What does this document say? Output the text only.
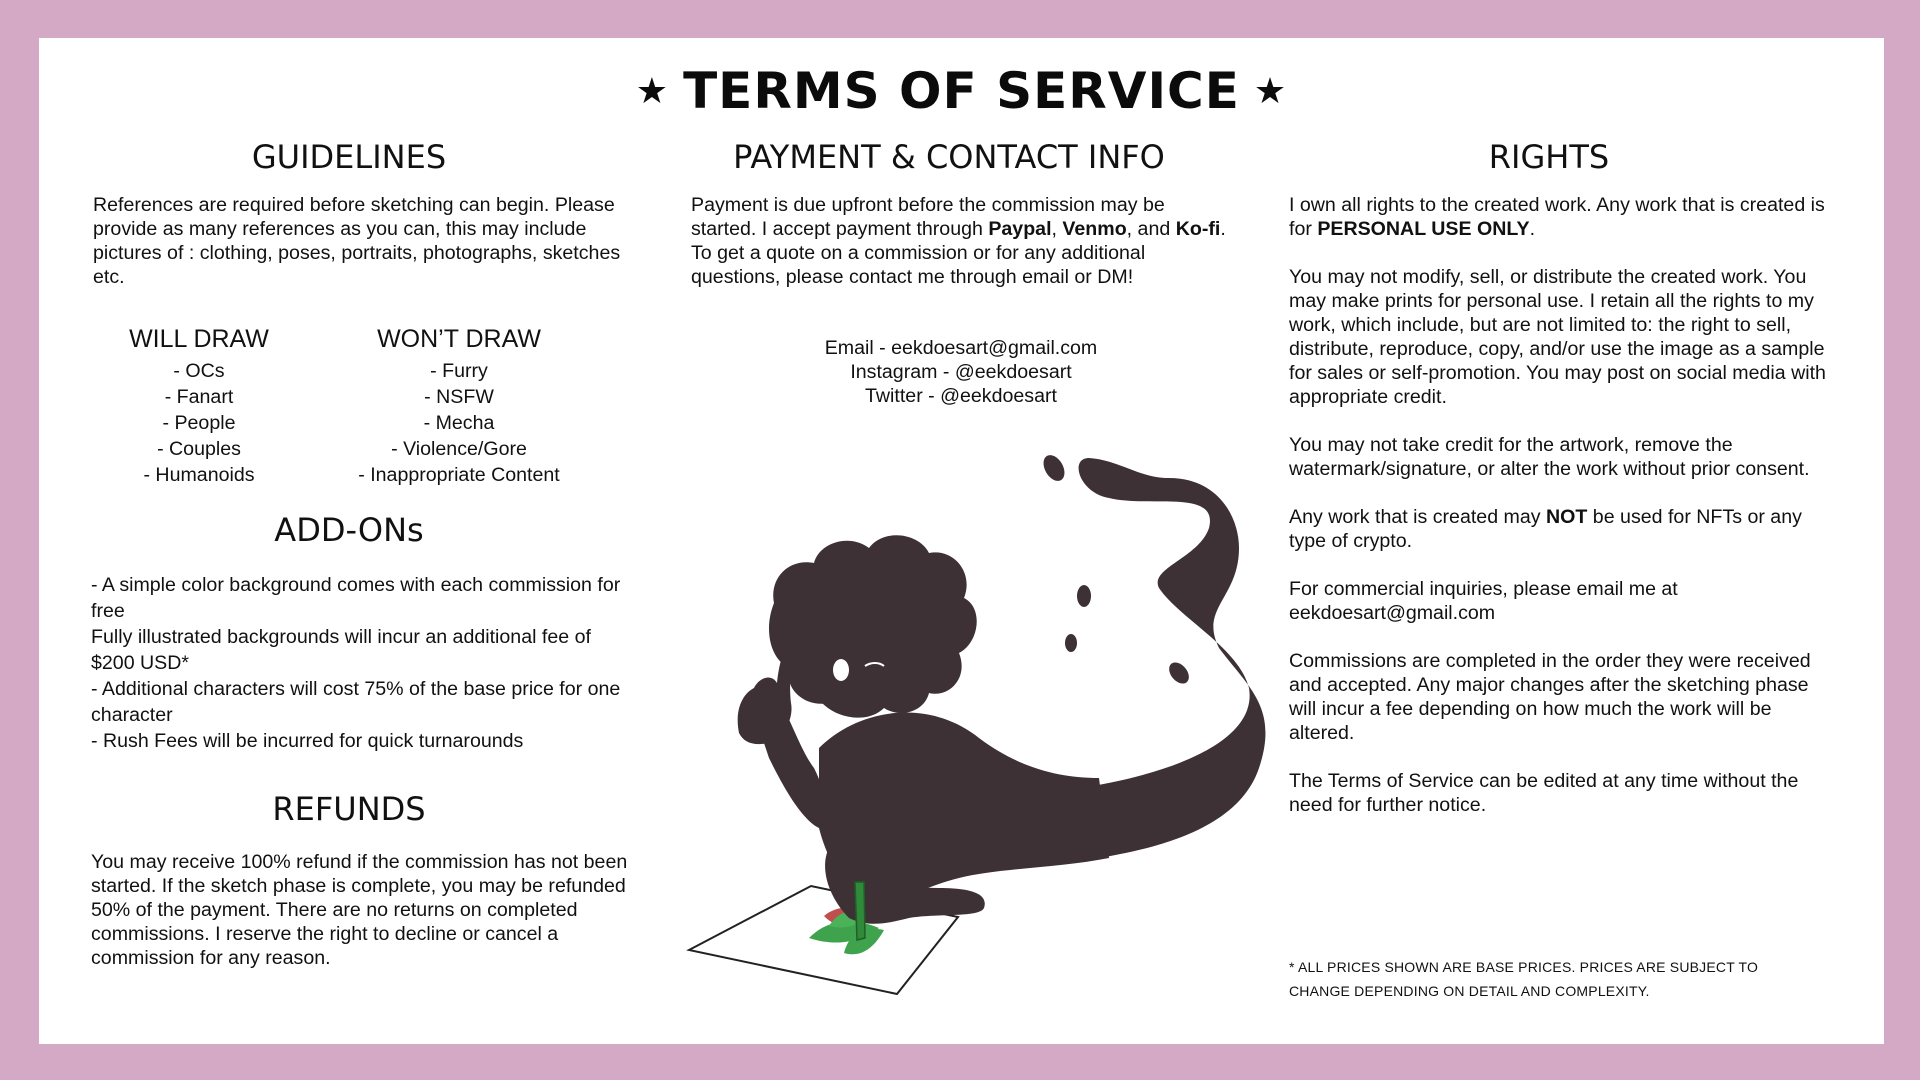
★ TERMS OF SERVICE ★
GUIDELINES
References are required before sketching can begin. Please provide as many references as you can, this may include pictures of : clothing, poses, portraits, photographs, sketches etc.
WILL DRAW
- OCs
- Fanart
- People
- Couples
- Humanoids
WON’T DRAW
- Furry
- NSFW
- Mecha
- Violence/Gore
- Inappropriate Content
ADD-ONs
- A simple color background comes with each commission for free
Fully illustrated backgrounds will incur an additional fee of $200 USD*
- Additional characters will cost 75% of the base price for one character
- Rush Fees will be incurred for quick turnarounds
REFUNDS
You may receive 100% refund if the commission has not been started. If the sketch phase is complete, you may be refunded 50% of the payment. There are no returns on completed commissions. I reserve the right to decline or cancel a commission for any reason.
PAYMENT & CONTACT INFO
Payment is due upfront before the commission may be started. I accept payment through Paypal, Venmo, and Ko-fi. To get a quote on a commission or for any additional questions, please contact me through email or DM!
Email - eekdoesart@gmail.com
Instagram - @eekdoesart
Twitter - @eekdoesart
RIGHTS
I own all rights to the created work. Any work that is created is for PERSONAL USE ONLY.
You may not modify, sell, or distribute the created work. You may make prints for personal use. I retain all the rights to my work, which include, but are not limited to: the right to sell, distribute, reproduce, copy, and/or use the image as a sample for sales or self-promotion. You may post on social media with appropriate credit.
You may not take credit for the artwork, remove the watermark/signature, or alter the work without prior consent.
Any work that is created may NOT be used for NFTs or any type of crypto.
For commercial inquiries, please email me at eekdoesart@gmail.com
Commissions are completed in the order they were received and accepted. Any major changes after the sketching phase will incur a fee depending on how much the work will be altered.
The Terms of Service can be edited at any time without the need for further notice.
* ALL PRICES SHOWN ARE BASE PRICES. PRICES ARE SUBJECT TO CHANGE DEPENDING ON DETAIL AND COMPLEXITY.
